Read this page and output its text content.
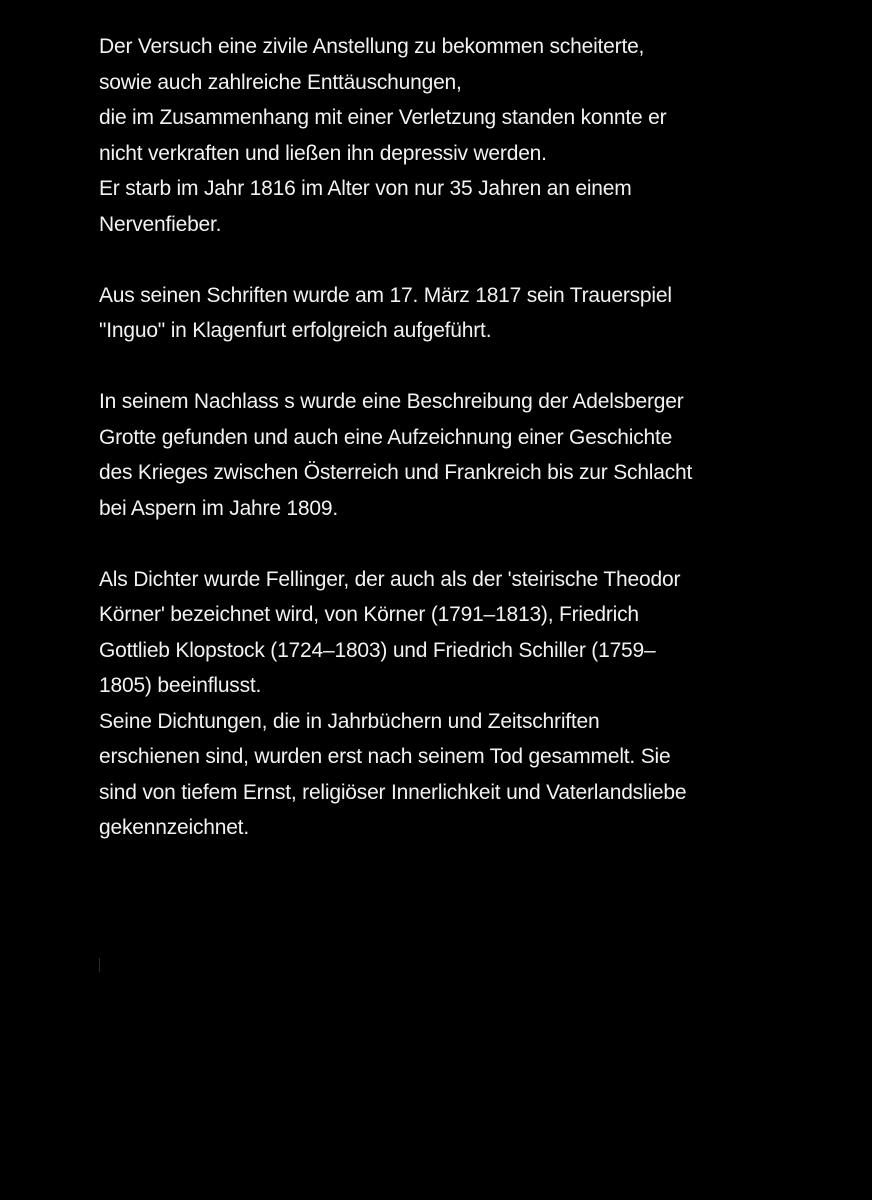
Der Versuch eine zivile Anstellung zu bekommen scheiterte,
sowie auch zahlreiche Enttäuschungen,
die im Zusammenhang mit einer Verletzung standen konnte er
nicht verkraften und ließen ihn depressiv werden.
Er starb im Jahr 1816 im Alter von nur 35 Jahren an einem
Nervenfieber.

Aus seinen Schriften wurde am 17. März 1817 sein Trauerspiel
"Inguo" in Klagenfurt erfolgreich aufgeführt.

In seinem Nachlass s wurde eine Beschreibung der Adelsberger
Grotte gefunden und auch eine Aufzeichnung einer Geschichte
des Krieges zwischen Österreich und Frankreich bis zur Schlacht
bei Aspern im Jahre 1809.

Als Dichter wurde Fellinger, der auch als der 'steirische Theodor
Körner' bezeichnet wird, von Körner (1791–1813), Friedrich
Gottlieb Klopstock (1724–1803) und Friedrich Schiller (1759–
1805) beeinflusst.
Seine Dichtungen, die in Jahrbüchern und Zeitschriften
erschienen sind, wurden erst nach seinem Tod gesammelt. Sie
sind von tiefem Ernst, religiöser Innerlichkeit und Vaterlandsliebe
gekennzeichnet.
